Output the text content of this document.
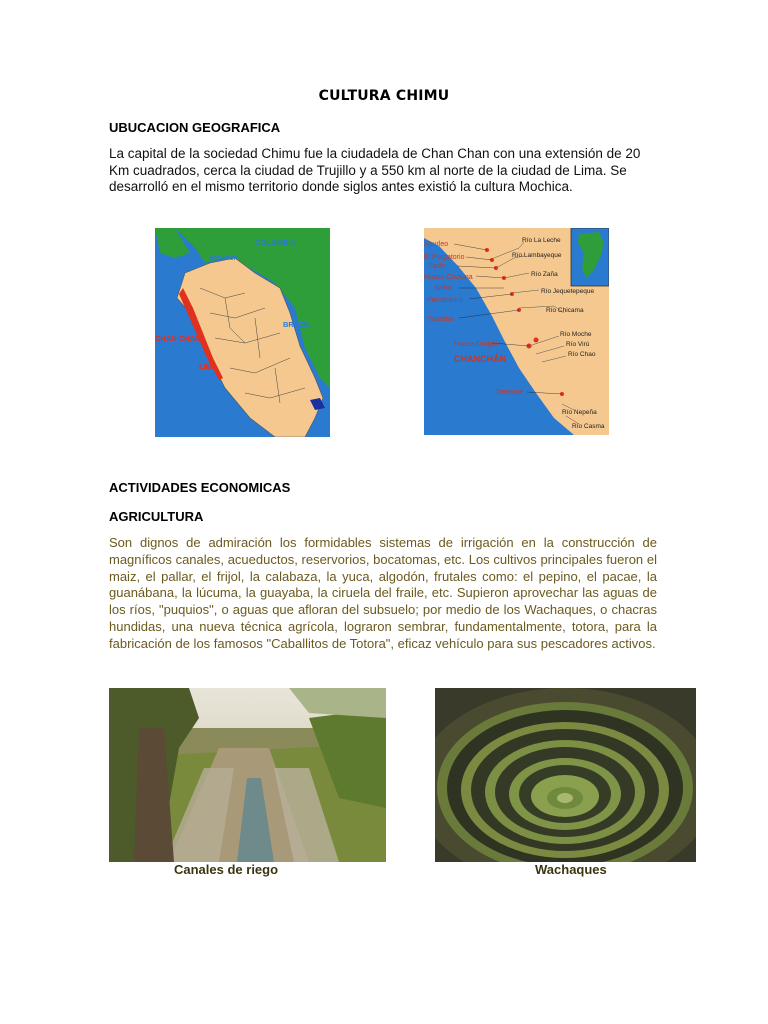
CULTURA CHIMU
UBUCACION GEOGRAFICA
La capital de la sociedad Chimu fue la ciudadela de Chan Chan con una extensión de 20 Km cuadrados, cerca la ciudad de Trujillo y a 550 km al norte de la ciudad de Lima. Se desarrolló en el mismo territorio donde siglos antes existió la cultura Mochica.
COLOMBIA
ECUADOR
BRAZIL
CHAN CHAN
LIMA
Apurleo
El Purgatorio
Sipán
Huaca Chotuna
Saltur
Pacatnamú
Talambo
Huaca Dragón
CHANCHÁN
Torreque
Río La Leche
Río Lambayeque
Río Zaña
Río Jequetepeque
Río Chicama
Río Moche
Río Virú
Río Chao
Río Nepeña
Río Casma
ACTIVIDADES ECONOMICAS
AGRICULTURA
Son dignos de admiración los formidables sistemas de irrigación en la construcción de magníficos canales, acueductos, reservorios, bocatomas, etc. Los cultivos principales fueron el maiz, el pallar, el frijol, la calabaza, la yuca, algodón, frutales como: el pepino, el pacae, la guanábana, la lúcuma, la guayaba, la ciruela del fraile, etc. Supieron aprovechar las aguas de los ríos, "puquios", o aguas que afloran del subsuelo; por medio de los Wachaques, o chacras hundidas, una nueva técnica agrícola, lograron sembrar, fundamentalmente, totora, para la fabricación de los famosos "Caballitos de Totora", eficaz vehículo para sus pescadores activos.
Canales de riego	Wachaques
